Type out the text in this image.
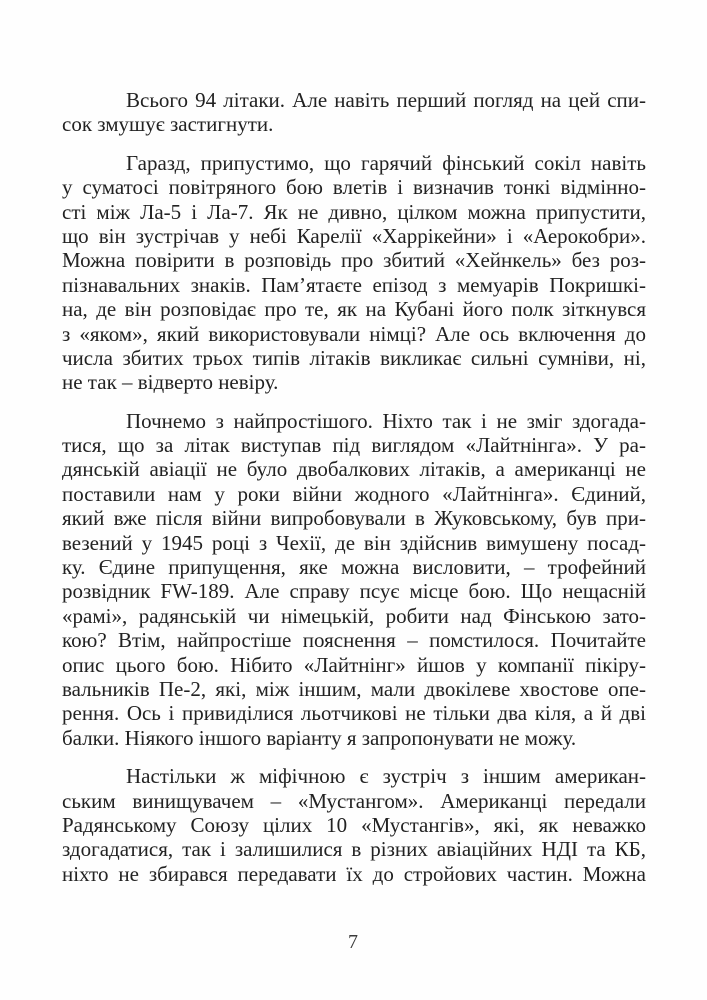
Всього 94 літаки. Але навіть перший погляд на цей спи-
сок змушує застигнути.

Гаразд, припустимо, що гарячий фінський сокіл навіть
у суматосі повітряного бою влетів і визначив тонкі відмінно-
сті між Ла-5 і Ла-7. Як не дивно, цілком можна припустити,
що він зустрічав у небі Карелії «Харрікейни» і «Аерокобри».
Можна повірити в розповідь про збитий «Хейнкель» без роз-
пізнавальних знаків. Пам’ятаєте епізод з мемуарів Покришкі-
на, де він розповідає про те, як на Кубані його полк зіткнувся
з «яком», який використовували німці? Але ось включення до
числа збитих трьох типів літаків викликає сильні сумніви, ні,
не так – відверто невіру.

Почнемо з найпростішого. Ніхто так і не зміг здогада-
тися, що за літак виступав під виглядом «Лайтнінга». У ра-
дянській авіації не було двобалкових літаків, а американці не
поставили нам у роки війни жодного «Лайтнінга». Єдиний,
який вже після війни випробовували в Жуковському, був при-
везений у 1945 році з Чехії, де він здійснив вимушену посад-
ку. Єдине припущення, яке можна висловити, – трофейний
розвідник FW-189. Але справу псує місце бою. Що нещасній
«рамі», радянській чи німецькій, робити над Фінською зато-
кою? Втім, найпростіше пояснення – помстилося. Почитайте
опис цього бою. Нібито «Лайтнінг» йшов у компанії пікіру-
вальників Пе-2, які, між іншим, мали двокілеве хвостове опе-
рення. Ось і привиділися льотчикові не тільки два кіля, а й дві
балки. Ніякого іншого варіанту я запропонувати не можу.

Настільки ж міфічною є зустріч з іншим американ-
ським винищувачем – «Мустангом». Американці передали
Радянському Союзу цілих 10 «Мустангів», які, як неважко
здогадатися, так і залишилися в різних авіаційних НДІ та КБ,
ніхто не збирався передавати їх до стройових частин. Можна

7
